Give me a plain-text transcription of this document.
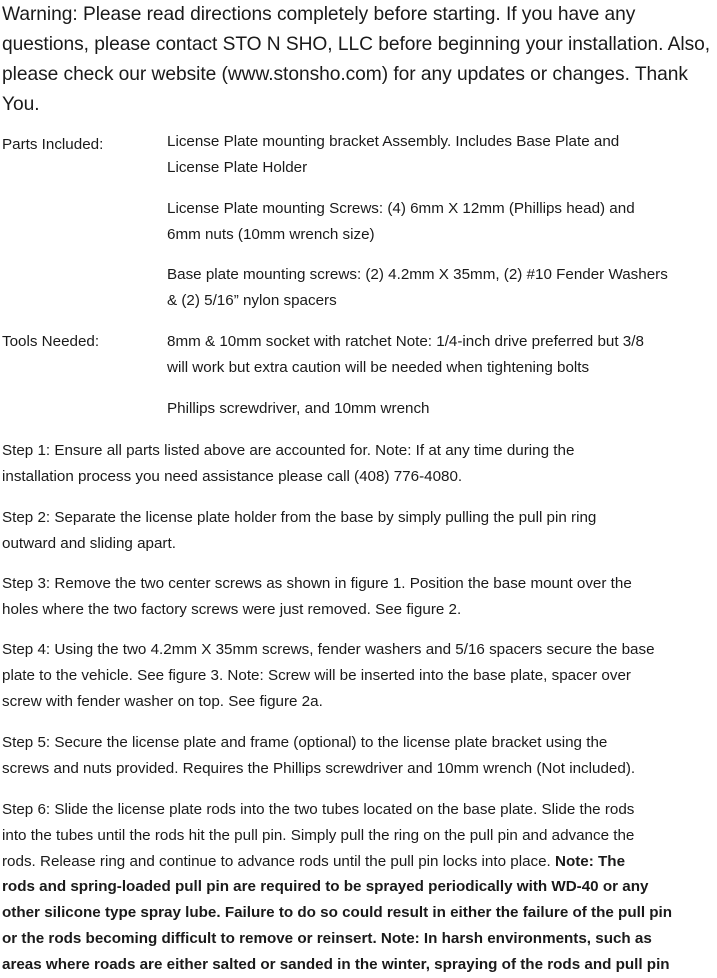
Warning: Please read directions completely before starting. If you have any
questions, please contact STO N SHO, LLC before beginning your installation. Also,
please check our website (www.stonsho.com) for any updates or changes. Thank
You.
Parts Included:	License Plate mounting bracket Assembly. Includes Base Plate and
License Plate Holder
License Plate mounting Screws: (4) 6mm X 12mm (Phillips head) and
6mm nuts (10mm wrench size)
Base plate mounting screws: (2) 4.2mm X 35mm, (2) #10 Fender Washers
& (2) 5/16” nylon spacers
Tools Needed:	8mm & 10mm socket with ratchet Note: 1/4-inch drive preferred but 3/8
will work but extra caution will be needed when tightening bolts
Phillips screwdriver, and 10mm wrench
Step 1: Ensure all parts listed above are accounted for. Note: If at any time during the
installation process you need assistance please call (408) 776-4080.
Step 2: Separate the license plate holder from the base by simply pulling the pull pin ring
outward and sliding apart.
Step 3: Remove the two center screws as shown in figure 1. Position the base mount over the
holes where the two factory screws were just removed. See figure 2.
Step 4: Using the two 4.2mm X 35mm screws, fender washers and 5/16 spacers secure the base
plate to the vehicle. See figure 3. Note: Screw will be inserted into the base plate, spacer over
screw with fender washer on top. See figure 2a.
Step 5: Secure the license plate and frame (optional) to the license plate bracket using the
screws and nuts provided. Requires the Phillips screwdriver and 10mm wrench (Not included).
Step 6: Slide the license plate rods into the two tubes located on the base plate. Slide the rods
into the tubes until the rods hit the pull pin. Simply pull the ring on the pull pin and advance the
rods. Release ring and continue to advance rods until the pull pin locks into place. Note: The
rods and spring-loaded pull pin are required to be sprayed periodically with WD-40 or any
other silicone type spray lube. Failure to do so could result in either the failure of the pull pin
or the rods becoming difficult to remove or reinsert. Note: In harsh environments, such as
areas where roads are either salted or sanded in the winter, spraying of the rods and pull pin
